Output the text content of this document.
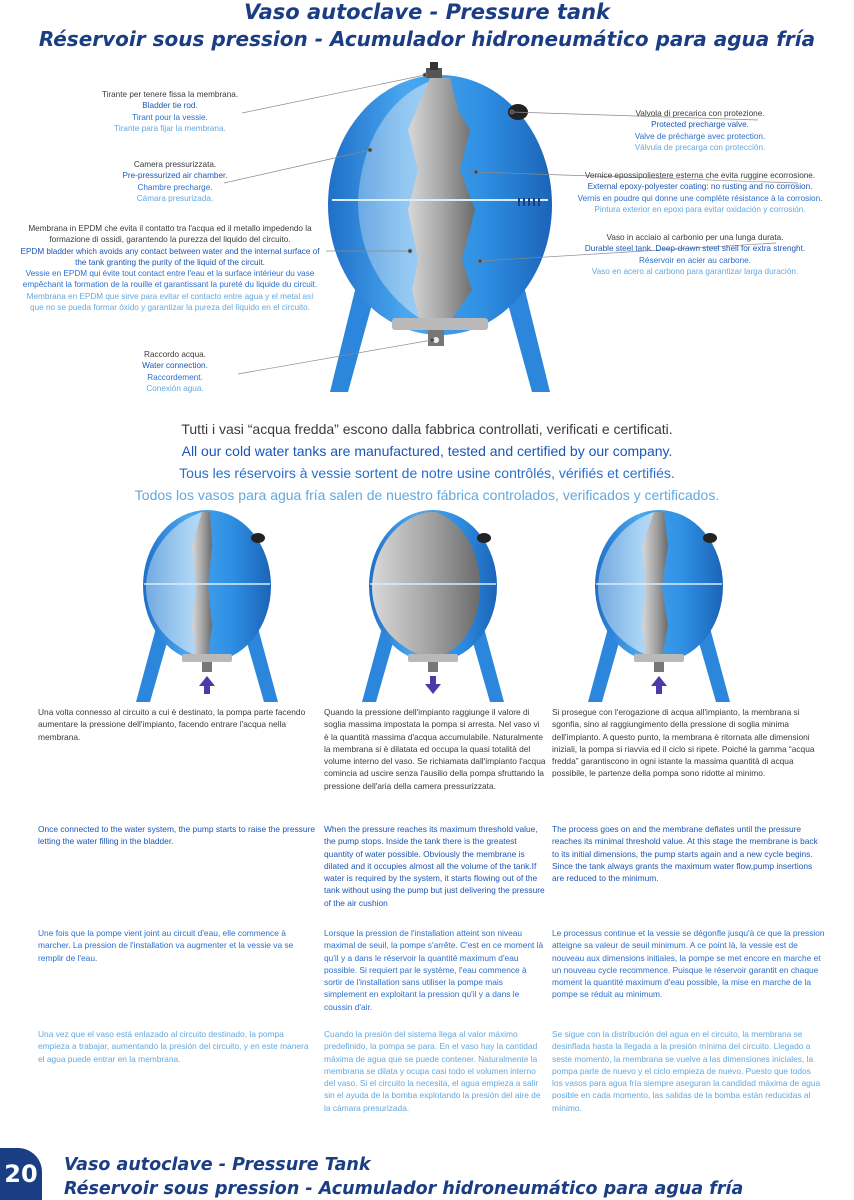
Vaso autoclave - Pressure tank
Réservoir sous pression - Acumulador hidroneumático para agua fría
Tirante per tenere fissa la membrana.
Bladder tie rod.
Tirant pour la vessie.
Tirante para fijar la membrana.
Camera pressurizzata.
Pre-pressurized air chamber.
Chambre precharge.
Cámara presurizada.
Membrana in EPDM che evita il contatto tra l'acqua ed il metallo impedendo la
formazione di ossidi, garantendo la purezza del liquido del circuito.
EPDM bladder which avoids any contact between water and the internal surface of
the tank granting the purity of the liquid of the circuit.
Vessie en EPDM qui évite tout contact entre l'eau et la surface intérieur du vase
empêchant la formation de la rouille et garantissant la pureté du liquide du circuit.
Membrana en EPDM que sirve para evitar el contacto entre agua y el metal así
que no se pueda formar óxido y garantizar la pureza del líquido en el circuito.
Raccordo acqua.
Water connection.
Raccordement.
Conexión agua.
Valvola di precarica con protezione.
Protected precharge valve.
Valve de précharge avec protection.
Válvula de precarga con protección.
Vernice epossipoliestere esterna che evita ruggine ecorrosione.
External epoxy-polyester coating: no rusting and no corrosion.
Vernis en poudre qui donne une complète résistance à la corrosion.
Pintura exterior en epoxi para evitar oxidación y corrosión.
Vaso in acciaio al carbonio per una lunga durata.
Durable steel tank. Deep-drawn steel shell for extra strenght.
Réservoir en acier au carbone.
Vaso en acero al carbono para garantizar larga duración.
Tutti i vasi “acqua fredda” escono dalla fabbrica controllati, verificati e certificati.
All our cold water tanks are manufactured, tested and certified by our company.
Tous les réservoirs à vessie sortent de notre usine contrôlés, vérifiés et certifiés.
Todos los vasos para agua fría salen de nuestro fábrica controlados, verificados y certificados.

Una volta connesso al circuito a cui è destinato, la pompa parte facendo aumentare la pressione dell'impianto, facendo entrare l'acqua nella membrana.

Once connected to the water system, the pump starts to raise the pressure letting the water filling in the bladder.

Une fois que la pompe vient joint au circuit d'eau, elle commence à marcher. La pression de l'installation va augmenter et la vessie va se remplir de l'eau.

Una vez que el vaso está enlazado al circuito destinado, la pompa empieza a trabajar, aumentando la presión del circuito, y en este manera el agua puede entrar en la membrana.

Quando la pressione dell'impianto raggiunge il valore di soglia massima impostata la pompa si arresta. Nel vaso vi è la quantità massima d'acqua accumulabile. Naturalmente la membrana si è dilatata ed occupa la quasi totalità del volume interno del vaso. Se richiamata dall'impianto l'acqua comincia ad uscire senza l'ausilio della pompa sfruttando la pressione dell'aria della camera pressurizzata.

When the pressure reaches its maximum threshold value, the pump stops. Inside the tank there is the greatest quantity of water possible. Obviously the membrane is dilated and it occupies almost all the volume of the tank.If water is required by the system, it starts flowing out of the tank without using the pump but just delivering the pressure of the air cushion

Lorsque la pression de l'installation atteint son niveau maximal de seuil, la pompe s'arrête. C'est en ce moment là qu'il y a dans le réservoir la quantité maximum d'eau possible. Si requiert par le système, l'eau commence à sortir de l'installation sans utiliser la pompe mais simplement en exploitant la pression qu'il y a dans le coussin d'air.

Cuando la presión del sistema llega al valor máximo predefinido, la pompa se para. En el vaso hay la cantidad máxima de agua que se puede contener. Naturalmente la membrana se dilata y ocupa casi todo el volumen interno del vaso. Si el circuito la necesita, el agua empieza a salir sin el ayuda de la bomba explotando la presión del aire de la cámara presurizada.

Si prosegue con l'erogazione di acqua all'impianto, la membrana si sgonfia, sino al raggiungimento della pressione di soglia minima dell'impianto. A questo punto, la membrana è ritornata alle dimensioni iniziali, la pompa si riavvia ed il ciclo si ripete. Poiché la gamma “acqua fredda” garantiscono in ogni istante la massima quantità di acqua possibile, le partenze della pompa sono ridotte al minimo.

The process goes on and the membrane deflates until the pressure reaches its minimal threshold value. At this stage the membrane is back to its initial dimensions, the pump starts again and a new cycle begins. Since the tank always grants the maximum water flow,pump insertions are reduced to the minimum.

Le processus continue et la vessie se dégonfle jusqu'à ce que la pression atteigne sa valeur de seuil minimum. A ce point là, la vessie est de nouveau aux dimensions initiales, la pompe se met encore en marche et un nouveau cycle recommence. Puisque le réservoir garantit en chaque moment la quantité maximum d'eau possible, la mise en marche de la pompe se réduit au minimum.

Se sigue con la distribución del agua en el circuito, la membrana se desinflada hasta la llegada a la presión mínima del circuito. Llegado a seste momento, la membrana se vuelve a las dimensiones iniciales, la pompa parte de nuevo y el ciclo empieza de nuevo. Puesto que todos los vasos para agua fría siempre aseguran la candidad máxima de agua posible en cada momento, las salidas de la bomba están reducidas al mínimo.

20 Vaso autoclave - Pressure Tank
Réservoir sous pression - Acumulador hidroneumático para agua fría
